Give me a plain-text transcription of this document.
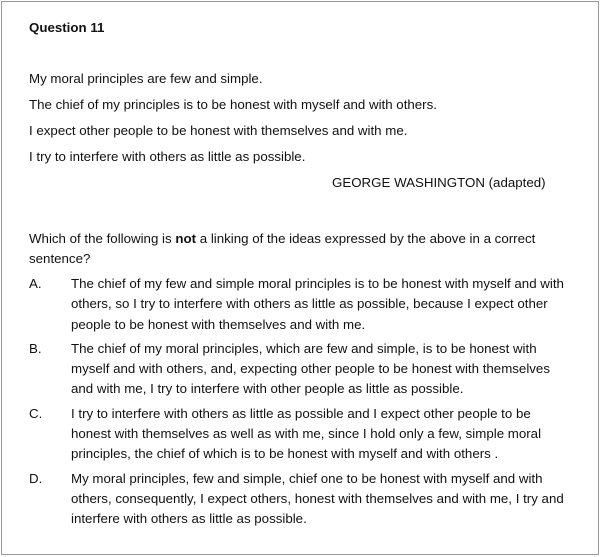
Question 11

My moral principles are few and simple.

The chief of my principles is to be honest with myself and with others.

I expect other people to be honest with themselves and with me.

I try to interfere with others as little as possible.

GEORGE WASHINGTON (adapted)

Which of the following is not a linking of the ideas expressed by the above in a correct sentence?
A.	The chief of my few and simple moral principles is to be honest with myself and with others, so I try to interfere with others as little as possible, because I expect other people to be honest with themselves and with me.
B.	The chief of my moral principles, which are few and simple, is to be honest with myself and with others, and, expecting other people to be honest with themselves and with me, I try to interfere with other people as little as possible.
C.	I try to interfere with others as little as possible and I expect other people to be honest with themselves as well as with me, since I hold only a few, simple moral principles, the chief of which is to be honest with myself and with others .
D.	My moral principles, few and simple, chief one to be honest with myself and with others, consequently, I expect others, honest with themselves and with me, I try and interfere with others as little as possible.
